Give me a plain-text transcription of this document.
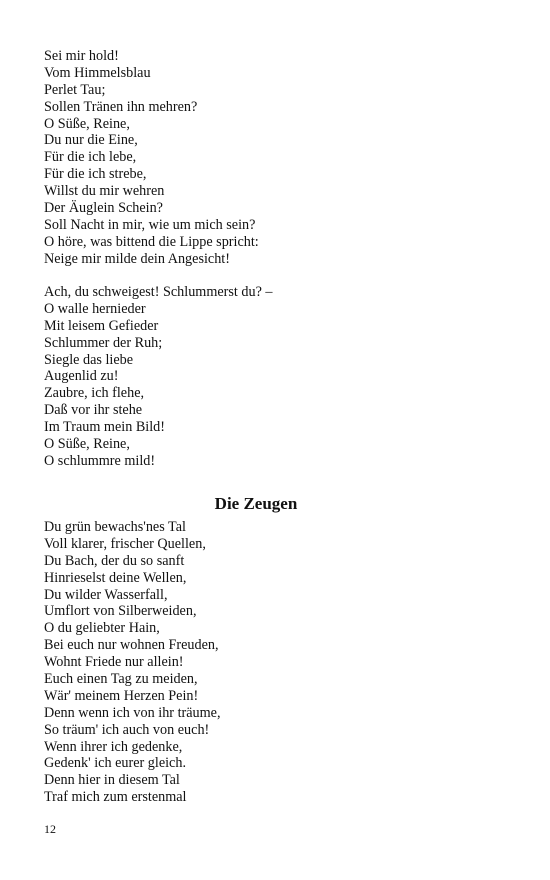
Sei mir hold!
Vom Himmelsblau
Perlet Tau;
Sollen Tränen ihn mehren?
O Süße, Reine,
Du nur die Eine,
Für die ich lebe,
Für die ich strebe,
Willst du mir wehren
Der Äuglein Schein?
Soll Nacht in mir, wie um mich sein?
O höre, was bittend die Lippe spricht:
Neige mir milde dein Angesicht!
Ach, du schweigest! Schlummerst du? –
O walle hernieder
Mit leisem Gefieder
Schlummer der Ruh;
Siegle das liebe
Augenlid zu!
Zaubre, ich flehe,
Daß vor ihr stehe
Im Traum mein Bild!
O Süße, Reine,
O schlummre mild!
Die Zeugen
Du grün bewachs'nes Tal
Voll klarer, frischer Quellen,
Du Bach, der du so sanft
Hinrieselst deine Wellen,
Du wilder Wasserfall,
Umflort von Silberweiden,
O du geliebter Hain,
Bei euch nur wohnen Freuden,
Wohnt Friede nur allein!
Euch einen Tag zu meiden,
Wär' meinem Herzen Pein!
Denn wenn ich von ihr träume,
So träum' ich auch von euch!
Wenn ihrer ich gedenke,
Gedenk' ich eurer gleich.
Denn hier in diesem Tal
Traf mich zum erstenmal
12
